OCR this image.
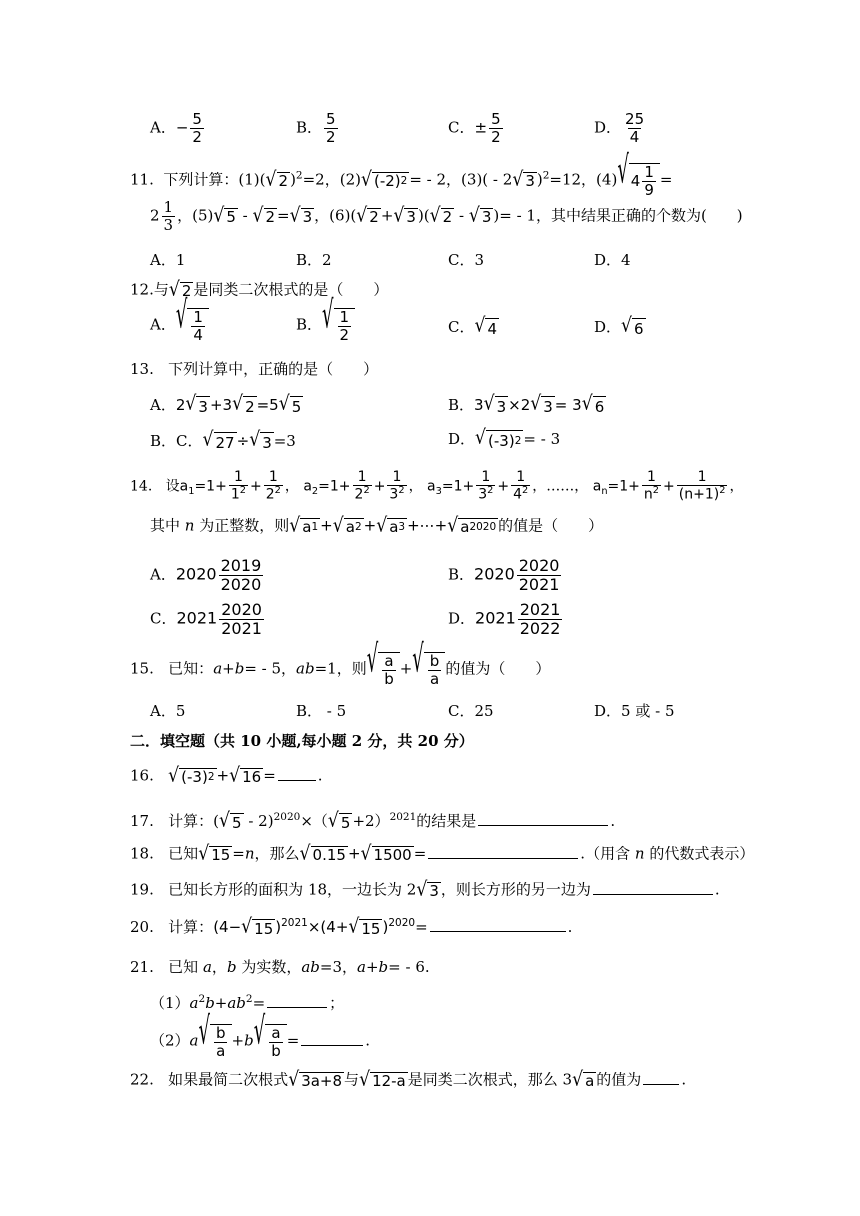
A．− $\frac{5}{2}$	B． $\frac{5}{2}$	C．± $\frac{5}{2}$	D． $\frac{25}{4}$
11. 下列计算：(1)( √ 2 )$^2$=2，(2) √ (-2) 2 = - 2，(3)( - 2 √ 3 )$^2$=12，(4) √ $4 \frac{1}{9}$ =
$2 \frac{1}{3}$ ，(5) √ 5 - √ 2 = √ 3 ，(6)( √ 2 + √ 3 )( √ 2 - √ 3 )= - 1，其中结果正确的个数为(　　)
A．1	B．2	C．3	D．4
12.与 √ 2 是同类二次根式的是（　　）
A． √ $\frac{1}{4}$	B． √ $\frac{1}{2}$	C． √ 4	D． √ 6
13. 下列计算中，正确的是（　　）
A．2 √ 3 +3 √ 2 =5 √ 5	B．3 √ 3 ×2 √ 3 = 3 √ 6
B．C． √ 27 ÷ √ 3 =3	D． √ (-3) 2 = - 3
14. 设$a_1=1+ \frac{1}{1^2} + \frac{1}{2^2}$ ， $a_2=1+ \frac{1}{2^2} + \frac{1}{3^2}$ ， $a_3=1+ \frac{1}{3^2} + \frac{1}{4^2}$ ，……， $a_n=1+ \frac{1}{n^2} + \frac{1}{(n+1)^2}$ ，
其中 n 为正整数，则 √ a 1 + √ a 2 + √ a 3 +⋯+ √ a 2020 的值是（　　）
A．$2020 \frac{2019}{2020}$	B．$2020 \frac{2020}{2021}$
C．$2021 \frac{2020}{2021}$	D．$2021 \frac{2021}{2022}$
15. 已知：a+b= - 5，ab=1，则 √ $\frac{a}{b}$ + √ $\frac{b}{a}$ 的值为（　　）
A．5	B． - 5	C．25	D．5 或 - 5
二．填空题（共 10 小题,每小题 2 分，共 20 分）
16. √ (-3) 2 + √ 16 =	.
17. 计算：( √ 5 - 2)$^{2020}$×（ √ 5 +2）$^{2021}$的结果是	.
18. 已知 √ 15 =n，那么 √ 0.15 + √ 1500 =	.（用含 n 的代数式表示）
19. 已知长方形的面积为 18，一边长为 2 √ 3 ，则长方形的另一边为	.
20. 计算：(4− √ 15 )$^{2021}$×(4+ √ 15 )$^{2020}$=	.
21. 已知 a，b 为实数，ab=3，a+b= - 6.
$(1)a^2b+ab^2=$	；
（2）a √ $\frac{b}{a} +b$ √ $\frac{a}{b}$ =	.
22. 如果最简二次根式 √ 3a+8 与 √ 12-a 是同类二次根式，那么 3 √ a 的值为	.
